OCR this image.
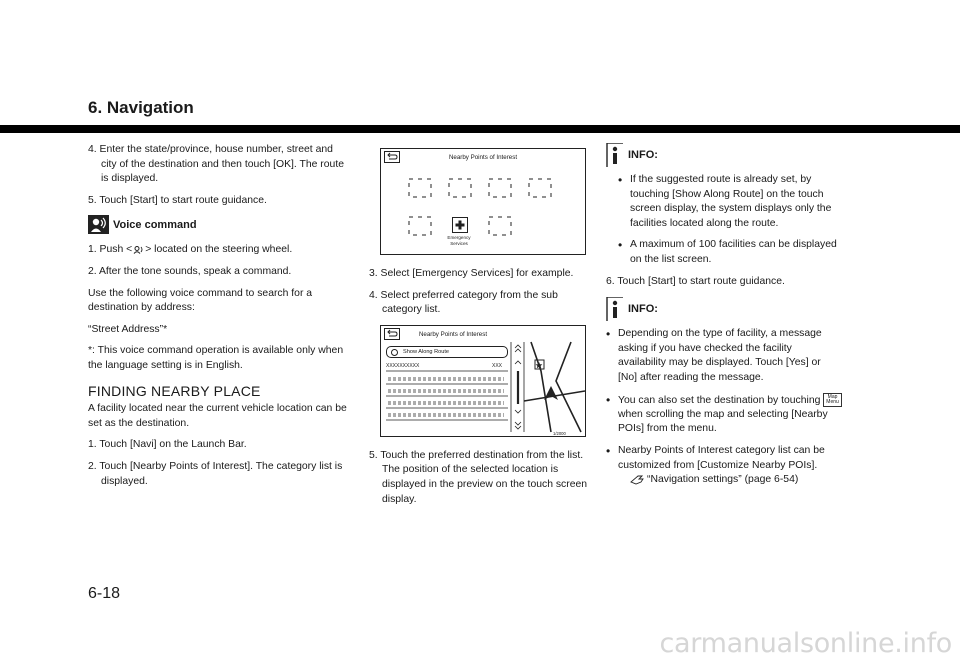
6. Navigation

4. Enter the state/province, house number, street and city of the destination and then touch [OK]. The route is displayed.

5. Touch [Start] to start route guidance.

Voice command

1. Push < > located on the steering wheel.

2. After the tone sounds, speak a command.

Use the following voice command to search for a destination by address:

“Street Address”*

*: This voice command operation is available only when the language setting is in English.

FINDING NEARBY PLACE

A facility located near the current vehicle location can be set as the destination.

1. Touch [Navi] on the Launch Bar.

2. Touch [Nearby Points of Interest]. The category list is displayed.

Nearby Points of Interest
Emergency Services

3. Select [Emergency Services] for example.

4. Select preferred category from the sub category list.

Nearby Points of Interest
Show Along Route
XXXXXXXXXX	XXX
1/2000

5. Touch the preferred destination from the list. The position of the selected location is displayed in the preview on the touch screen display.

INFO:

• If the suggested route is already set, by touching [Show Along Route] on the touch screen display, the system displays only the facilities located along the route.

• A maximum of 100 facilities can be displayed on the list screen.

6. Touch [Start] to start route guidance.

INFO:

• Depending on the type of facility, a message asking if you have checked the facility availability may be displayed. Touch [Yes] or [No] after reading the message.

• You can also set the destination by touching Map
Menu when scrolling the map and selecting [Nearby POIs] from the menu.

• Nearby Points of Interest category list can be customized from [Customize Nearby POIs].
“Navigation settings” (page 6-54)

6-18
carmanualsonline.info
